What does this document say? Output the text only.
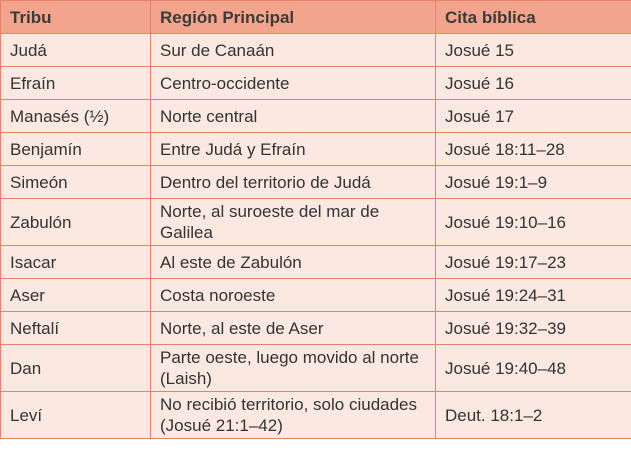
Tribu	Región Principal	Cita bíblica
Judá	Sur de Canaán	Josué 15
Efraín	Centro-occidente	Josué 16
Manasés (½)	Norte central	Josué 17
Benjamín	Entre Judá y Efraín	Josué 18:11–28
Simeón	Dentro del territorio de Judá	Josué 19:1–9
Zabulón	Norte, al suroeste del mar de Galilea	Josué 19:10–16
Isacar	Al este de Zabulón	Josué 19:17–23
Aser	Costa noroeste	Josué 19:24–31
Neftalí	Norte, al este de Aser	Josué 19:32–39
Dan	Parte oeste, luego movido al norte (Laish)	Josué 19:40–48
Leví	No recibió territorio, solo ciudades (Josué 21:1–42)	Deut. 18:1–2
